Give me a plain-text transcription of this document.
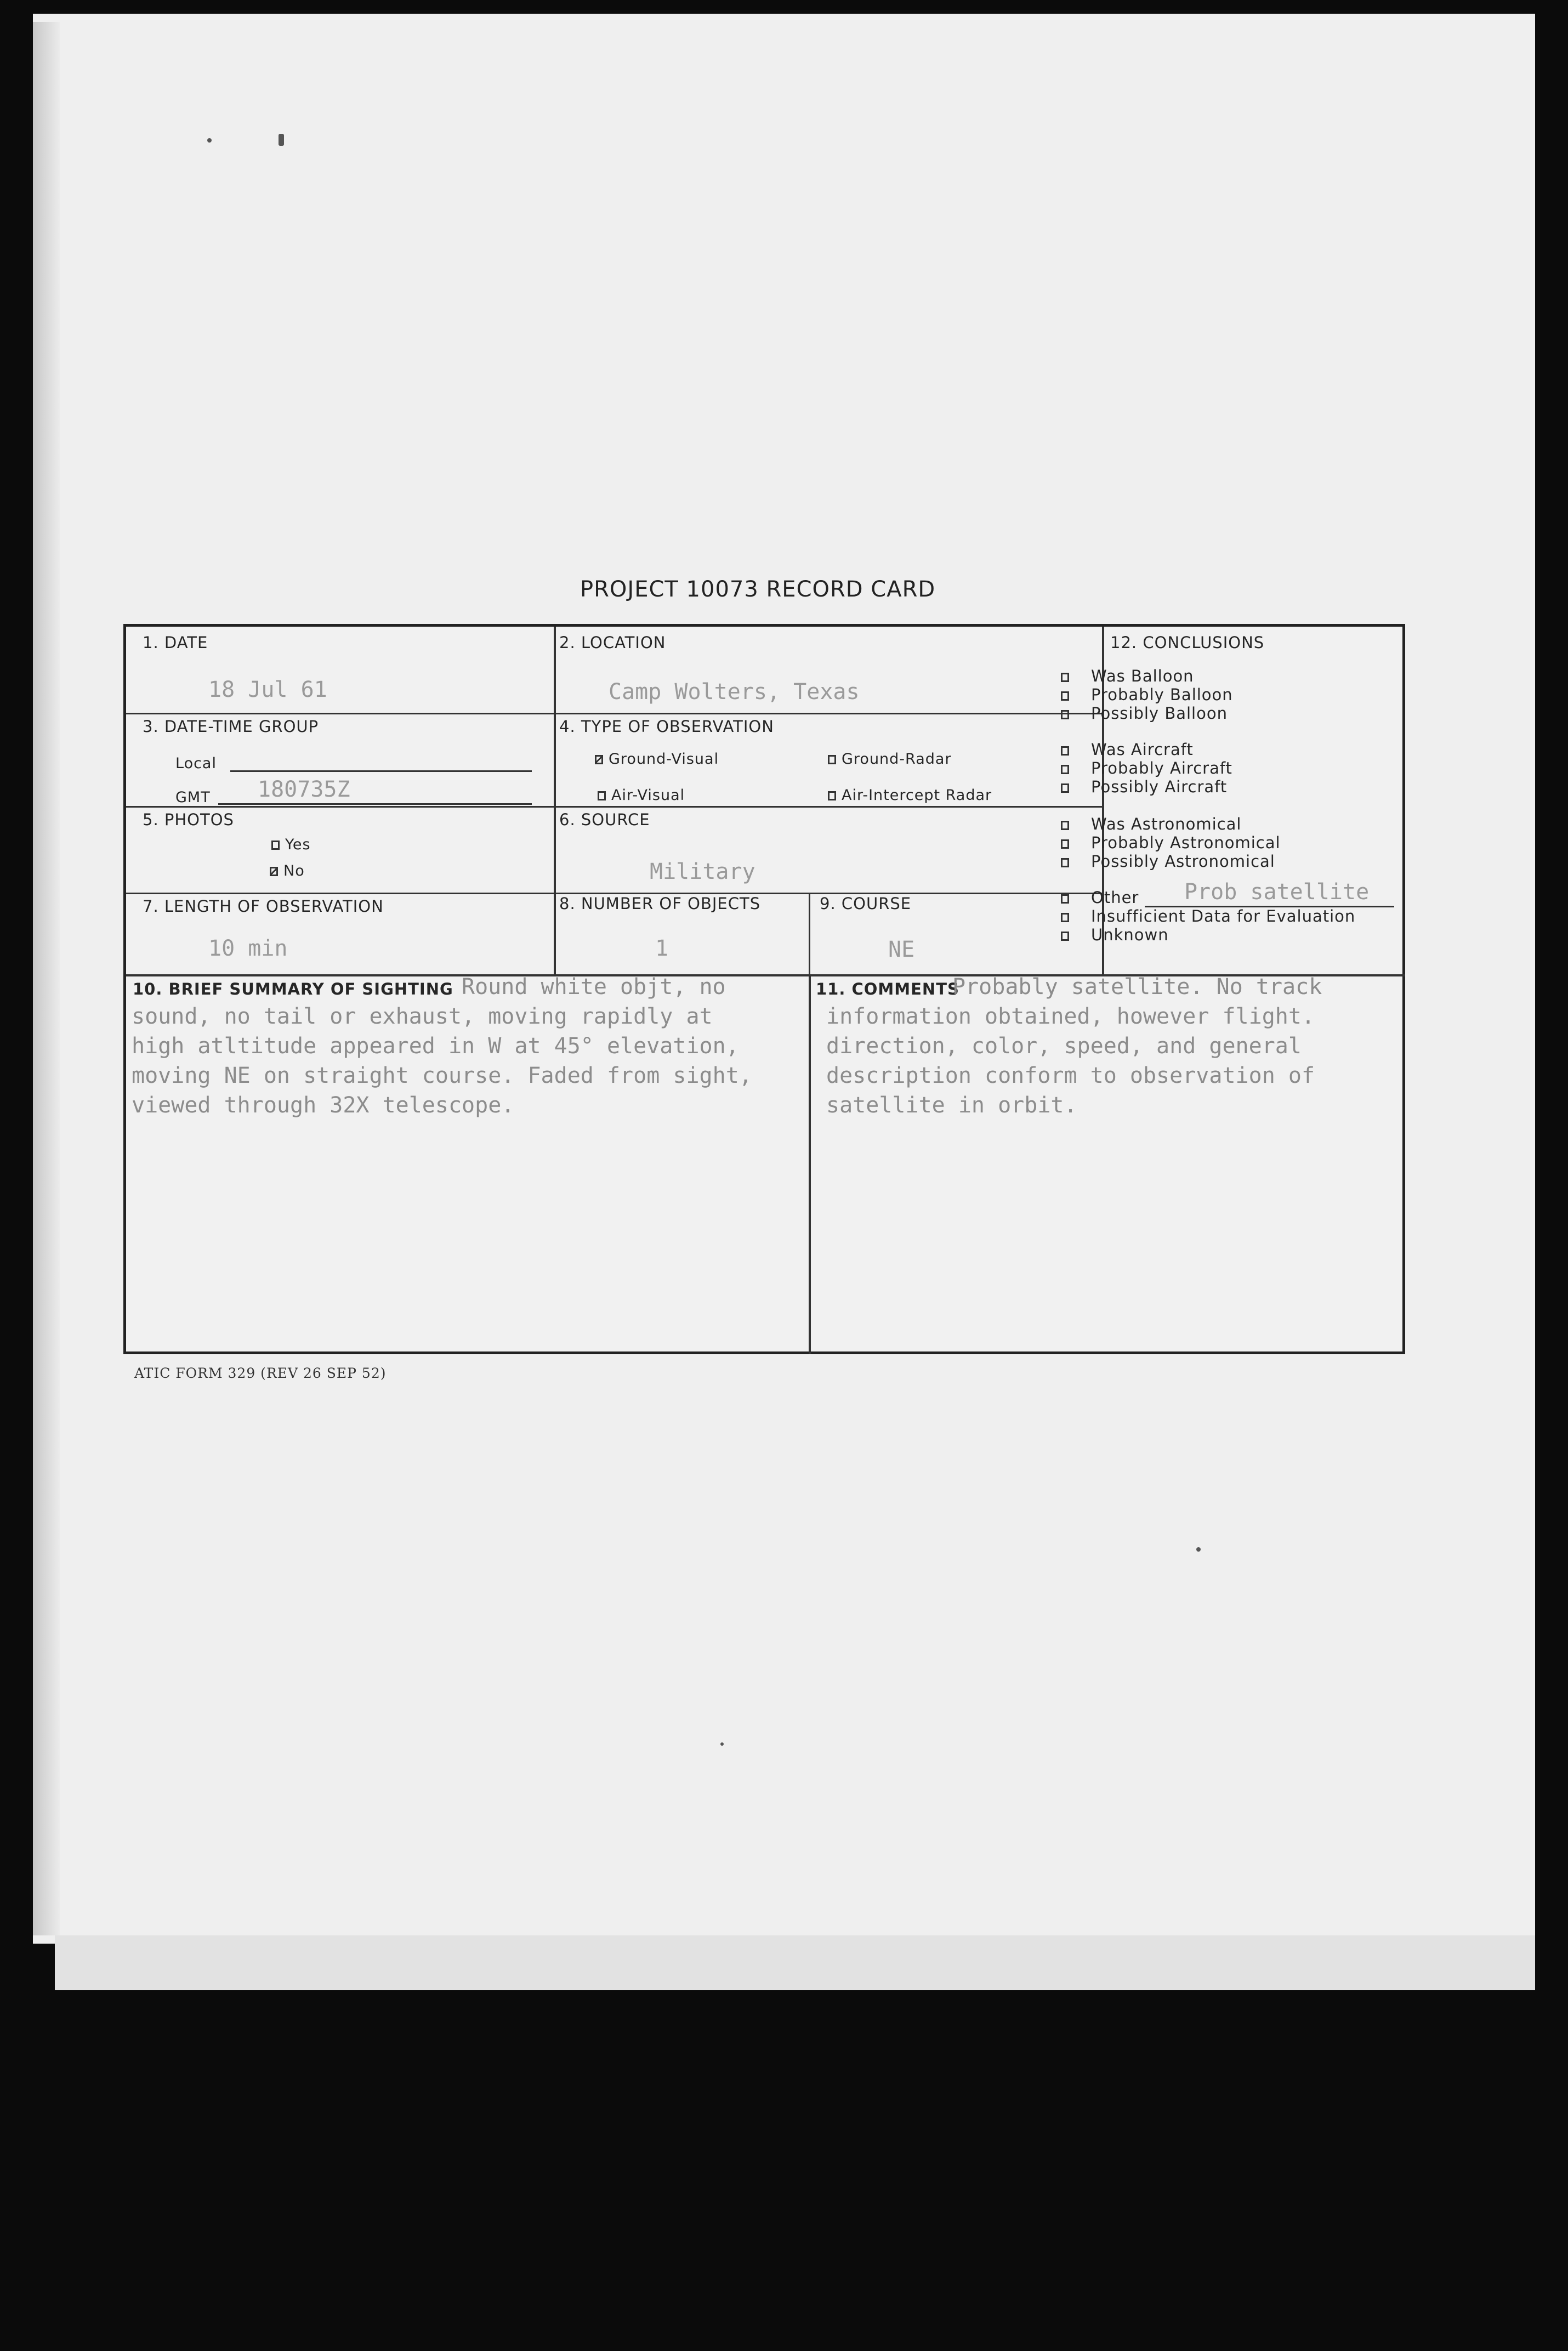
PROJECT 10073 RECORD CARD
1. DATE
18 Jul 61
2. LOCATION
Camp Wolters, Texas
3. DATE-TIME GROUP
Local
GMT 180735Z
4. TYPE OF OBSERVATION
Ground-Visual	Ground-Radar
Air-Visual	Air-Intercept Radar
5. PHOTOS
Yes
No
6. SOURCE
Military
7. LENGTH OF OBSERVATION
10 min
8. NUMBER OF OBJECTS
1
9. COURSE
NE
10. BRIEF SUMMARY OF SIGHTING Round white objt, no
sound, no tail or exhaust, moving rapidly at
high atltitude appeared in W at 45° elevation,
moving NE on straight course. Faded from sight,
viewed through 32X telescope.
11. COMMENTS
Probably satellite. No track
information obtained, however flight.
direction, color, speed, and general
description conform to observation of
satellite in orbit.
12. CONCLUSIONS
Was Balloon
Probably Balloon
Possibly Balloon
Was Aircraft
Probably Aircraft
Possibly Aircraft
Was Astronomical
Probably Astronomical
Possibly Astronomical
Other Prob satellite
Insufficient Data for Evaluation
Unknown
ATIC FORM 329 (REV 26 SEP 52)
